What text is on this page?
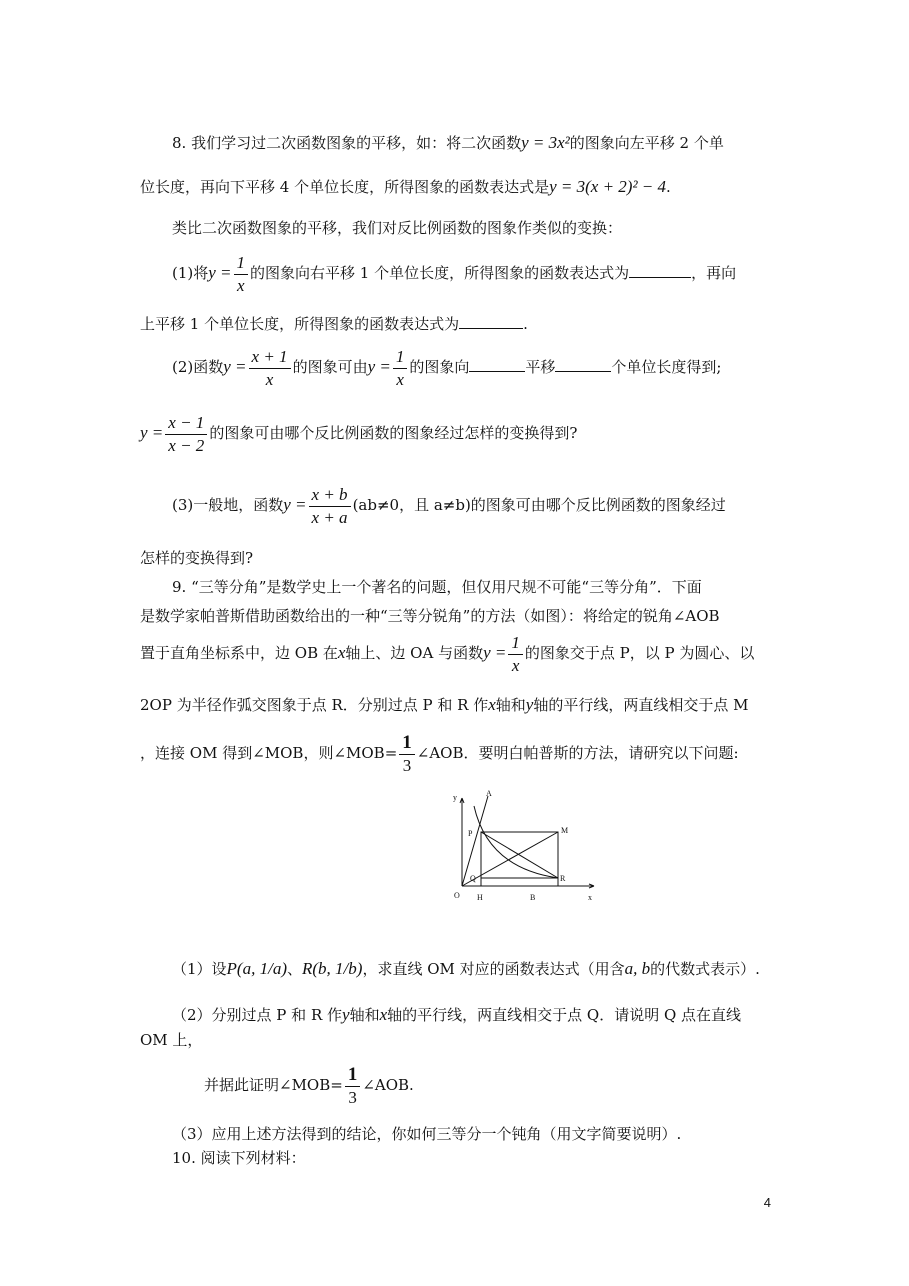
8. 我们学习过二次函数图象的平移，如：将二次函数y = 3x²的图象向左平移 2 个单
位长度，再向下平移 4 个单位长度，所得图象的函数表达式是y = 3(x + 2)² − 4.
类比二次函数图象的平移，我们对反比例函数的图象作类似的变换：
(1)将$y = \frac{1}{x}$ 的图象向右平移 1 个单位长度，所得图象的函数表达式为	，再向
上平移 1 个单位长度，所得图象的函数表达式为	.
(2)函数$y = \frac{x + 1}{x}$ 的图象可由$y = \frac{1}{x}$ 的图象向	平移	个单位长度得到;
$y = \frac{x - 1}{x - 2}$ 的图象可由哪个反比例函数的图象经过怎样的变换得到?
(3)一般地，函数$y = \frac{x + b}{x + a} (ab\ne 0$，且 a≠b)的图象可由哪个反比例函数的图象经过
怎样的变换得到?
9. “三等分角”是数学史上一个著名的问题，但仅用尺规不可能“三等分角”．下面
是数学家帕普斯借助函数给出的一种“三等分锐角”的方法（如图）：将给定的锐角∠AOB
置于直角坐标系中，边 OB 在x轴上、边 OA 与函数$y = \frac{1}{x}$ 的图象交于点 P，以 P 为圆心、以
2OP 为半径作弧交图象于点 R．分别过点 P 和 R 作x轴和y轴的平行线，两直线相交于点 M
，连接 OM 得到∠MOB，则∠MOB= $\frac{1}{3}$ ∠AOB．要明白帕普斯的方法，请研究以下问题:
y	A
P	M
Q	R
O H	B	x
（1）设P(a, 1/a)、R(b, 1/b)，求直线 OM 对应的函数表达式（用含a, b的代数式表示）.
（2）分别过点 P 和 R 作y轴和x轴的平行线，两直线相交于点 Q．请说明 Q 点在直线
OM 上，
并据此证明∠MOB= $\frac{1}{3}$ ∠AOB.
（3）应用上述方法得到的结论，你如何三等分一个钝角（用文字简要说明）.
10. 阅读下列材料：
4
